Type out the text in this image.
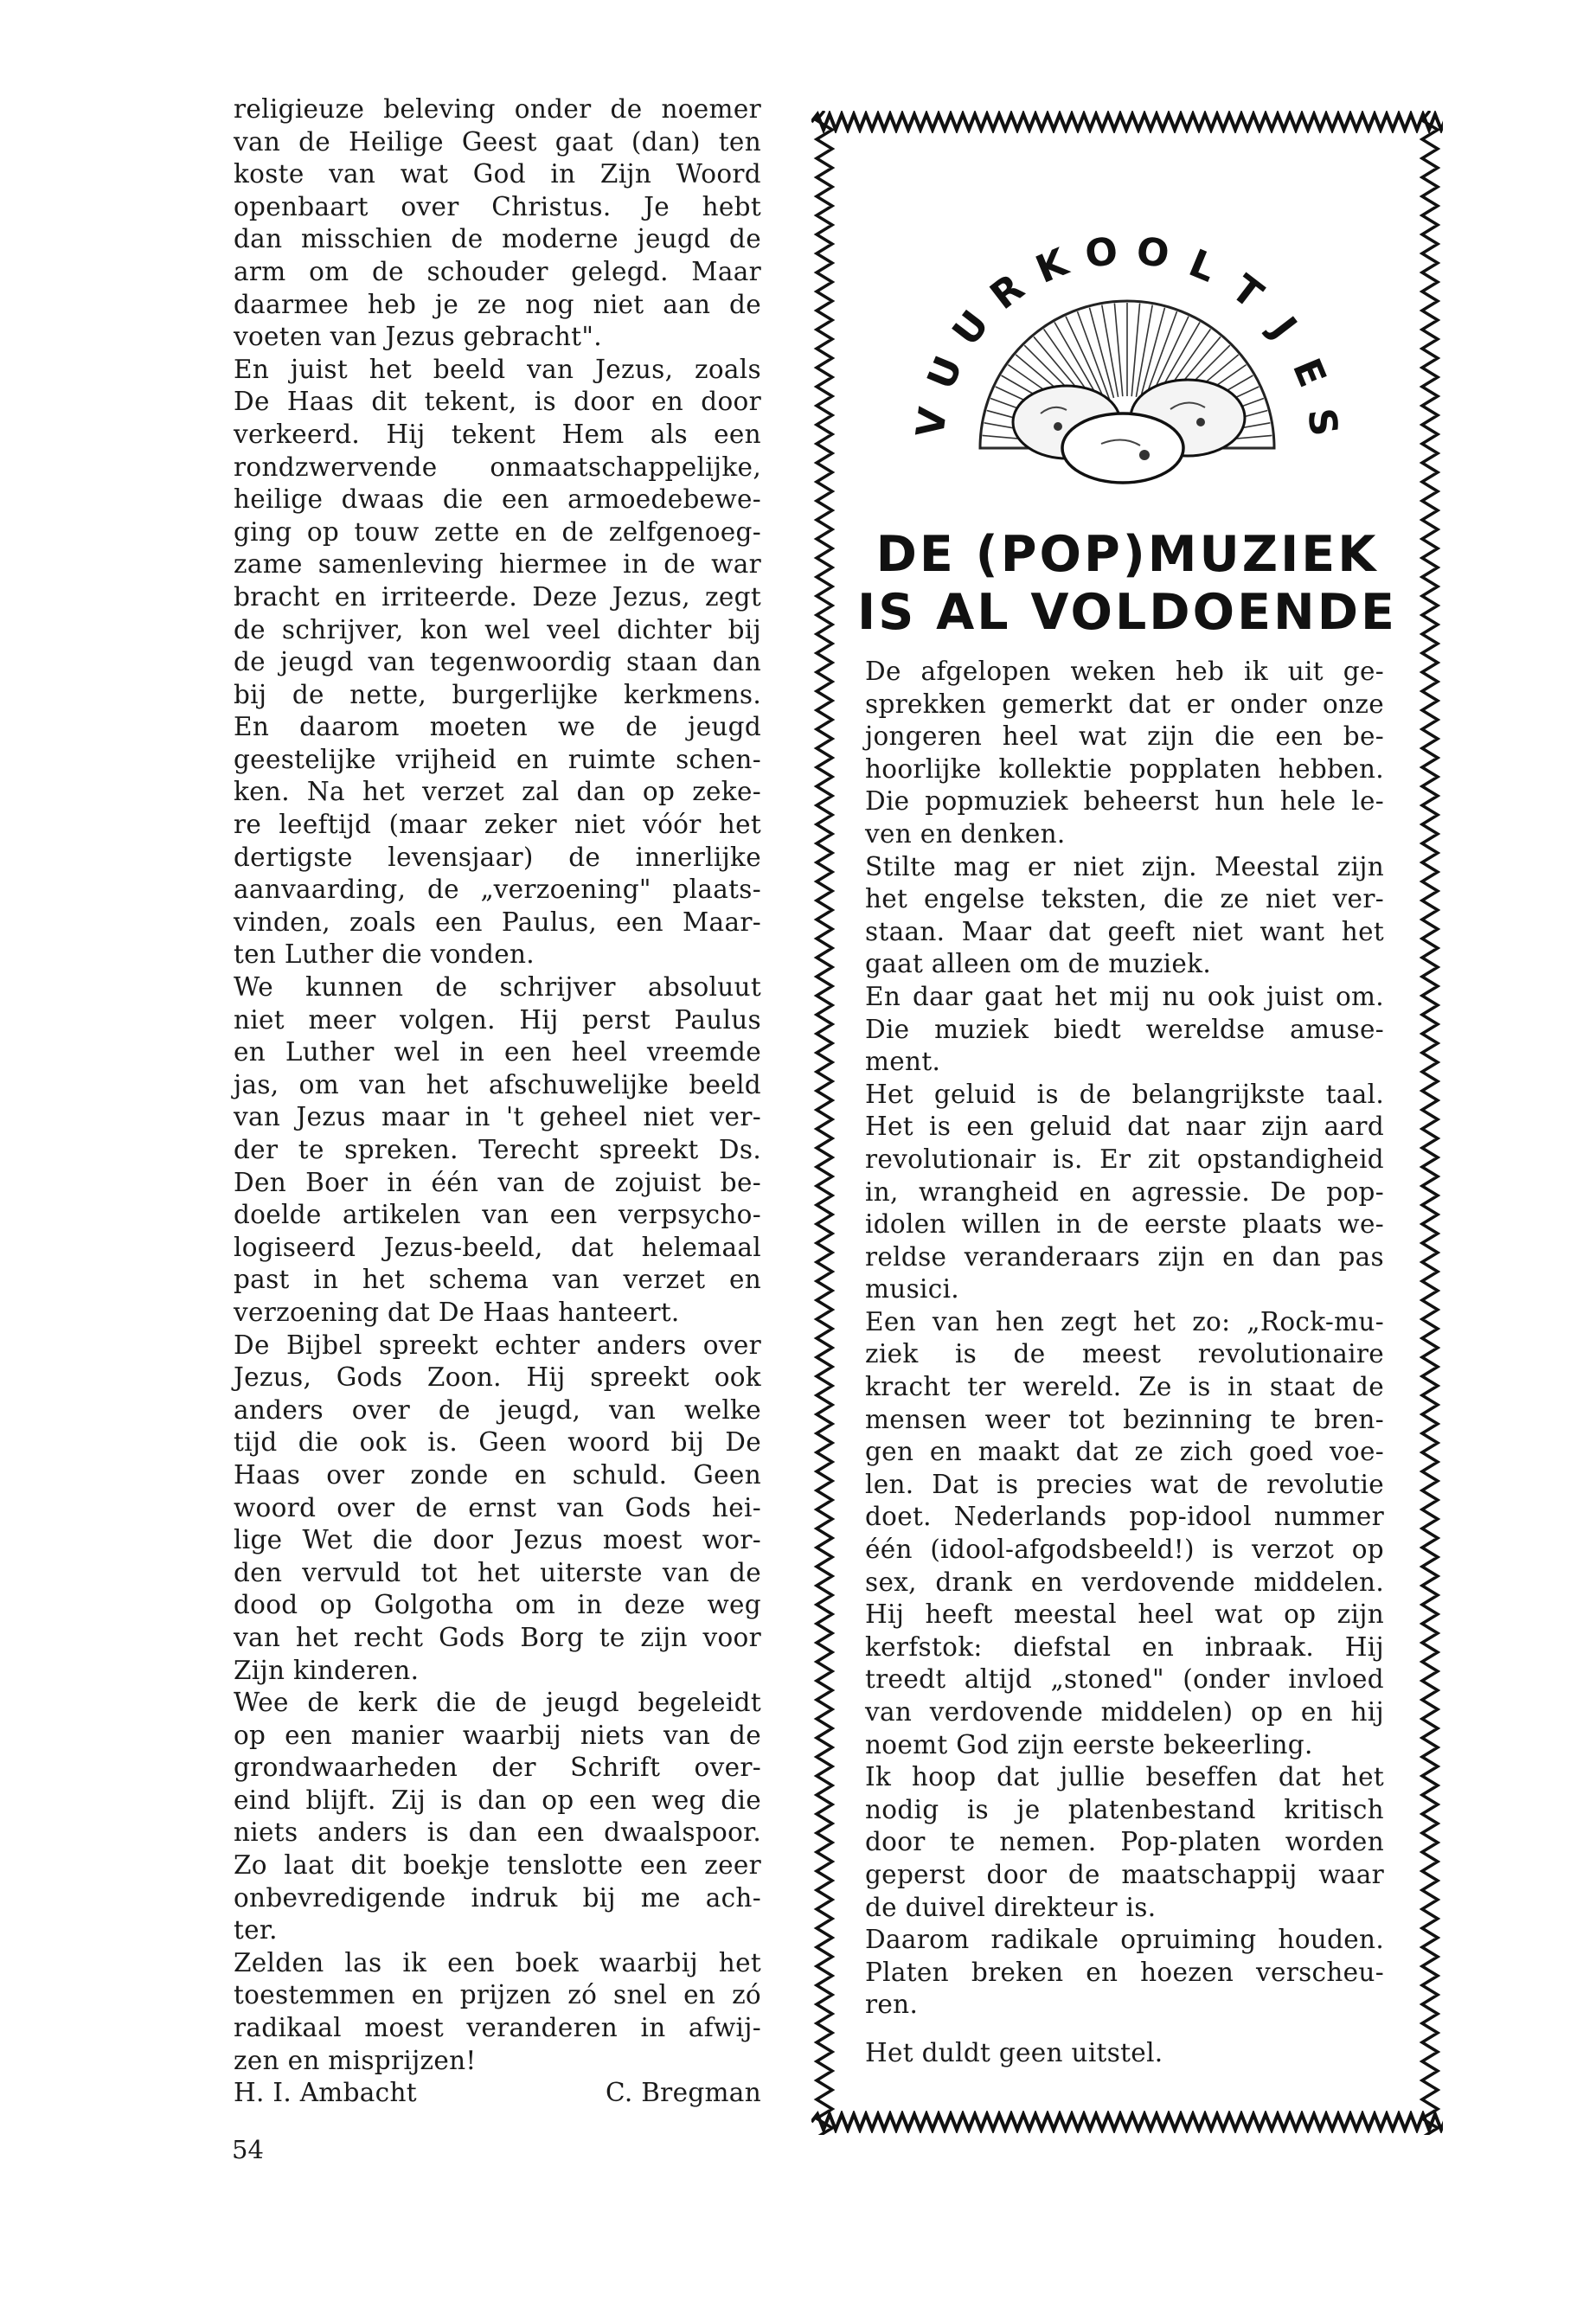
religieuze beleving onder de noemer
van de Heilige Geest gaat (dan) ten
koste van wat God in Zijn Woord
openbaart over Christus. Je hebt
dan misschien de moderne jeugd de
arm om de schouder gelegd. Maar
daarmee heb je ze nog niet aan de
voeten van Jezus gebracht".
En juist het beeld van Jezus, zoals
De Haas dit tekent, is door en door
verkeerd. Hij tekent Hem als een
rondzwervende onmaatschappelijke,
heilige dwaas die een armoedebewe-
ging op touw zette en de zelfgenoeg-
zame samenleving hiermee in de war
bracht en irriteerde. Deze Jezus, zegt
de schrijver, kon wel veel dichter bij
de jeugd van tegenwoordig staan dan
bij de nette, burgerlijke kerkmens.
En daarom moeten we de jeugd
geestelijke vrijheid en ruimte schen-
ken. Na het verzet zal dan op zeke-
re leeftijd (maar zeker niet vóór het
dertigste levensjaar) de innerlijke
aanvaarding, de „verzoening" plaats-
vinden, zoals een Paulus, een Maar-
ten Luther die vonden.
We kunnen de schrijver absoluut
niet meer volgen. Hij perst Paulus
en Luther wel in een heel vreemde
jas, om van het afschuwelijke beeld
van Jezus maar in 't geheel niet ver-
der te spreken. Terecht spreekt Ds.
Den Boer in één van de zojuist be-
doelde artikelen van een verpsycho-
logiseerd Jezus-beeld, dat helemaal
past in het schema van verzet en
verzoening dat De Haas hanteert.
De Bijbel spreekt echter anders over
Jezus, Gods Zoon. Hij spreekt ook
anders over de jeugd, van welke
tijd die ook is. Geen woord bij De
Haas over zonde en schuld. Geen
woord over de ernst van Gods hei-
lige Wet die door Jezus moest wor-
den vervuld tot het uiterste van de
dood op Golgotha om in deze weg
van het recht Gods Borg te zijn voor
Zijn kinderen.
Wee de kerk die de jeugd begeleidt
op een manier waarbij niets van de
grondwaarheden der Schrift over-
eind blijft. Zij is dan op een weg die
niets anders is dan een dwaalspoor.
Zo laat dit boekje tenslotte een zeer
onbevredigende indruk bij me ach-
ter.
Zelden las ik een boek waarbij het
toestemmen en prijzen zó snel en zó
radikaal moest veranderen in afwij-
zen en misprijzen!
H. I. Ambacht	C. Bregman
V
U
U
R
K O O L
T
J
E
S
DE (POP)MUZIEK
IS AL VOLDOENDE
De afgelopen weken heb ik uit ge-
sprekken gemerkt dat er onder onze
jongeren heel wat zijn die een be-
hoorlijke kollektie popplaten hebben.
Die popmuziek beheerst hun hele le-
ven en denken.
Stilte mag er niet zijn. Meestal zijn
het engelse teksten, die ze niet ver-
staan. Maar dat geeft niet want het
gaat alleen om de muziek.
En daar gaat het mij nu ook juist om.
Die muziek biedt wereldse amuse-
ment.
Het geluid is de belangrijkste taal.
Het is een geluid dat naar zijn aard
revolutionair is. Er zit opstandigheid
in, wrangheid en agressie. De pop-
idolen willen in de eerste plaats we-
reldse veranderaars zijn en dan pas
musici.
Een van hen zegt het zo: „Rock-mu-
ziek is de meest revolutionaire
kracht ter wereld. Ze is in staat de
mensen weer tot bezinning te bren-
gen en maakt dat ze zich goed voe-
len. Dat is precies wat de revolutie
doet. Nederlands pop-idool nummer
één (idool-afgodsbeeld!) is verzot op
sex, drank en verdovende middelen.
Hij heeft meestal heel wat op zijn
kerfstok: diefstal en inbraak. Hij
treedt altijd „stoned" (onder invloed
van verdovende middelen) op en hij
noemt God zijn eerste bekeerling.
Ik hoop dat jullie beseffen dat het
nodig is je platenbestand kritisch
door te nemen. Pop-platen worden
geperst door de maatschappij waar
de duivel direkteur is.
Daarom radikale opruiming houden.
Platen breken en hoezen verscheu-
ren.
Het duldt geen uitstel.
54
